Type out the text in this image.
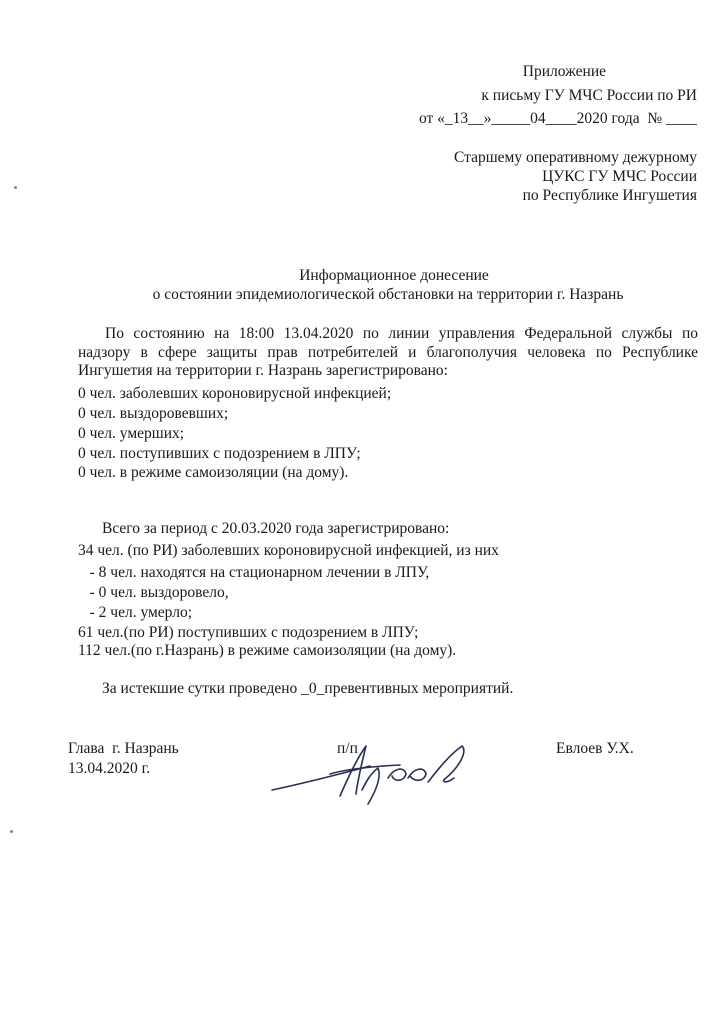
Приложение
к письму ГУ МЧС России по РИ
от «_13__»_____04____2020 года  № ____
Старшему оперативному дежурному
ЦУКС ГУ МЧС России
по Республике Ингушетия
Информационное донесение
о состоянии эпидемиологической обстановки на территории г. Назрань
По состоянию на 18:00 13.04.2020 по линии управления Федеральной службы по надзору в сфере защиты прав потребителей и благополучия человека по Республике Ингушетия на территории г. Назрань зарегистрировано:
0 чел. заболевших короновирусной инфекцией;
0 чел. выздоровевших;
0 чел. умерших;
0 чел. поступивших с подозрением в ЛПУ;
0 чел. в режиме самоизоляции (на дому).
Всего за период с 20.03.2020 года зарегистрировано:
34 чел. (по РИ) заболевших короновирусной инфекцией, из них
- 8 чел. находятся на стационарном лечении в ЛПУ,
- 0 чел. выздоровело,
- 2 чел. умерло;
61 чел.(по РИ) поступивших с подозрением в ЛПУ;
112 чел.(по г.Назрань) в режиме самоизоляции (на дому).
За истекшие сутки проведено _0_превентивных мероприятий.
Глава  г. Назрань
13.04.2020 г.
п/п	Евлоев У.Х.
